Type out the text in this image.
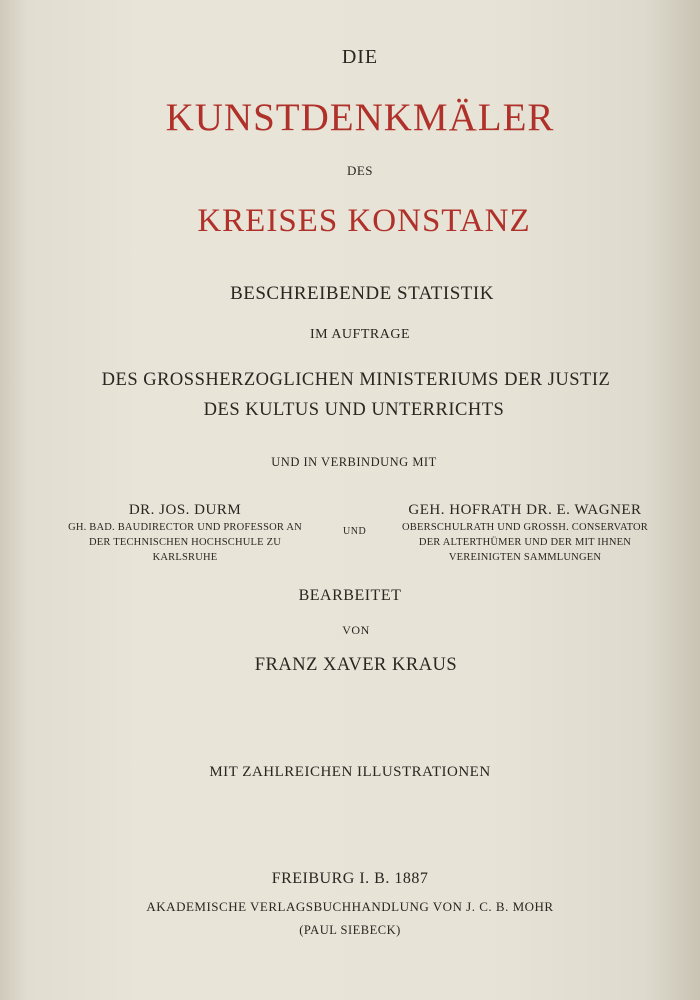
DIE
KUNSTDENKMÄLER
DES
KREISES KONSTANZ
BESCHREIBENDE STATISTIK
IM AUFTRAGE
DES GROSSHERZOGLICHEN MINISTERIUMS DER JUSTIZ
DES KULTUS UND UNTERRICHTS
UND IN VERBINDUNG MIT
DR. JOS. DURM
GH. BAD. BAUDIRECTOR UND PROFESSOR AN
DER TECHNISCHEN HOCHSCHULE ZU
KARLSRUHE
UND
GEH. HOFRATH DR. E. WAGNER
OBERSCHULRATH UND GROSSH. CONSERVATOR
DER ALTERTHÜMER UND DER MIT IHNEN
VEREINIGTEN SAMMLUNGEN
BEARBEITET
VON
FRANZ XAVER KRAUS
MIT ZAHLREICHEN ILLUSTRATIONEN
FREIBURG I. B. 1887
AKADEMISCHE VERLAGSBUCHHANDLUNG VON J. C. B. MOHR
(PAUL SIEBECK)
